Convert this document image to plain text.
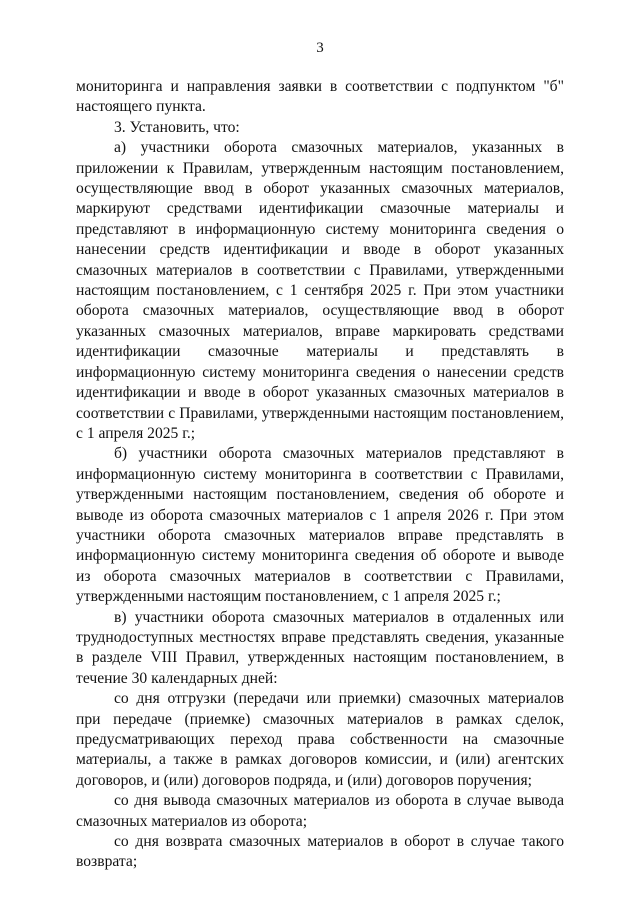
3

мониторинга и направления заявки в соответствии с подпунктом "б" настоящего пункта.

3. Установить, что:

а) участники оборота смазочных материалов, указанных в приложении к Правилам, утвержденным настоящим постановлением, осуществляющие ввод в оборот указанных смазочных материалов, маркируют средствами идентификации смазочные материалы и представляют в информационную систему мониторинга сведения о нанесении средств идентификации и вводе в оборот указанных смазочных материалов в соответствии с Правилами, утвержденными настоящим постановлением, с 1 сентября 2025 г. При этом участники оборота смазочных материалов, осуществляющие ввод в оборот указанных смазочных материалов, вправе маркировать средствами идентификации смазочные материалы и представлять в информационную систему мониторинга сведения о нанесении средств идентификации и вводе в оборот указанных смазочных материалов в соответствии с Правилами, утвержденными настоящим постановлением, с 1 апреля 2025 г.;

б) участники оборота смазочных материалов представляют в информационную систему мониторинга в соответствии с Правилами, утвержденными настоящим постановлением, сведения об обороте и выводе из оборота смазочных материалов с 1 апреля 2026 г. При этом участники оборота смазочных материалов вправе представлять в информационную систему мониторинга сведения об обороте и выводе из оборота смазочных материалов в соответствии с Правилами, утвержденными настоящим постановлением, с 1 апреля 2025 г.;

в) участники оборота смазочных материалов в отдаленных или труднодоступных местностях вправе представлять сведения, указанные в разделе VIII Правил, утвержденных настоящим постановлением, в течение 30 календарных дней:

со дня отгрузки (передачи или приемки) смазочных материалов при передаче (приемке) смазочных материалов в рамках сделок, предусматривающих переход права собственности на смазочные материалы, а также в рамках договоров комиссии, и (или) агентских договоров, и (или) договоров подряда, и (или) договоров поручения;

со дня вывода смазочных материалов из оборота в случае вывода смазочных материалов из оборота;

со дня возврата смазочных материалов в оборот в случае такого возврата;
